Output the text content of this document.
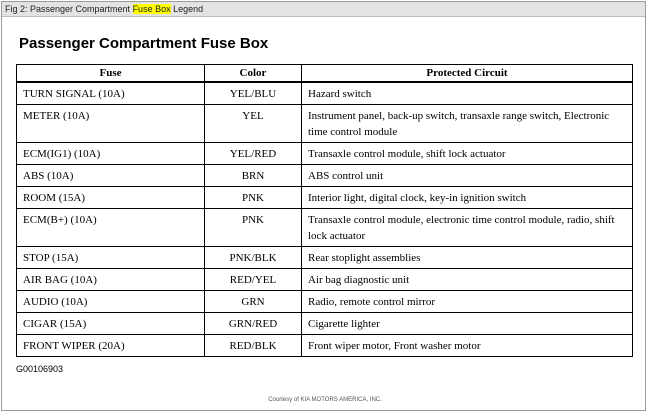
Fig 2: Passenger Compartment Fuse Box Legend
Passenger Compartment Fuse Box
Fuse	Color	Protected Circuit
TURN SIGNAL (10A)	YEL/BLU	Hazard switch
METER (10A)	YEL	Instrument panel, back-up switch, transaxle range switch, Electronic time control module
ECM(IG1) (10A)	YEL/RED	Transaxle control module, shift lock actuator
ABS (10A)	BRN	ABS control unit
ROOM (15A)	PNK	Interior light, digital clock, key-in ignition switch
ECM(B+) (10A)	PNK	Transaxle control module, electronic time control module, radio, shift lock actuator
STOP (15A)	PNK/BLK	Rear stoplight assemblies
AIR BAG (10A)	RED/YEL	Air bag diagnostic unit
AUDIO (10A)	GRN	Radio, remote control mirror
CIGAR (15A)	GRN/RED	Cigarette lighter
FRONT WIPER (20A)	RED/BLK	Front wiper motor, Front washer motor
G00106903
Courtesy of KIA MOTORS AMERICA, INC.
